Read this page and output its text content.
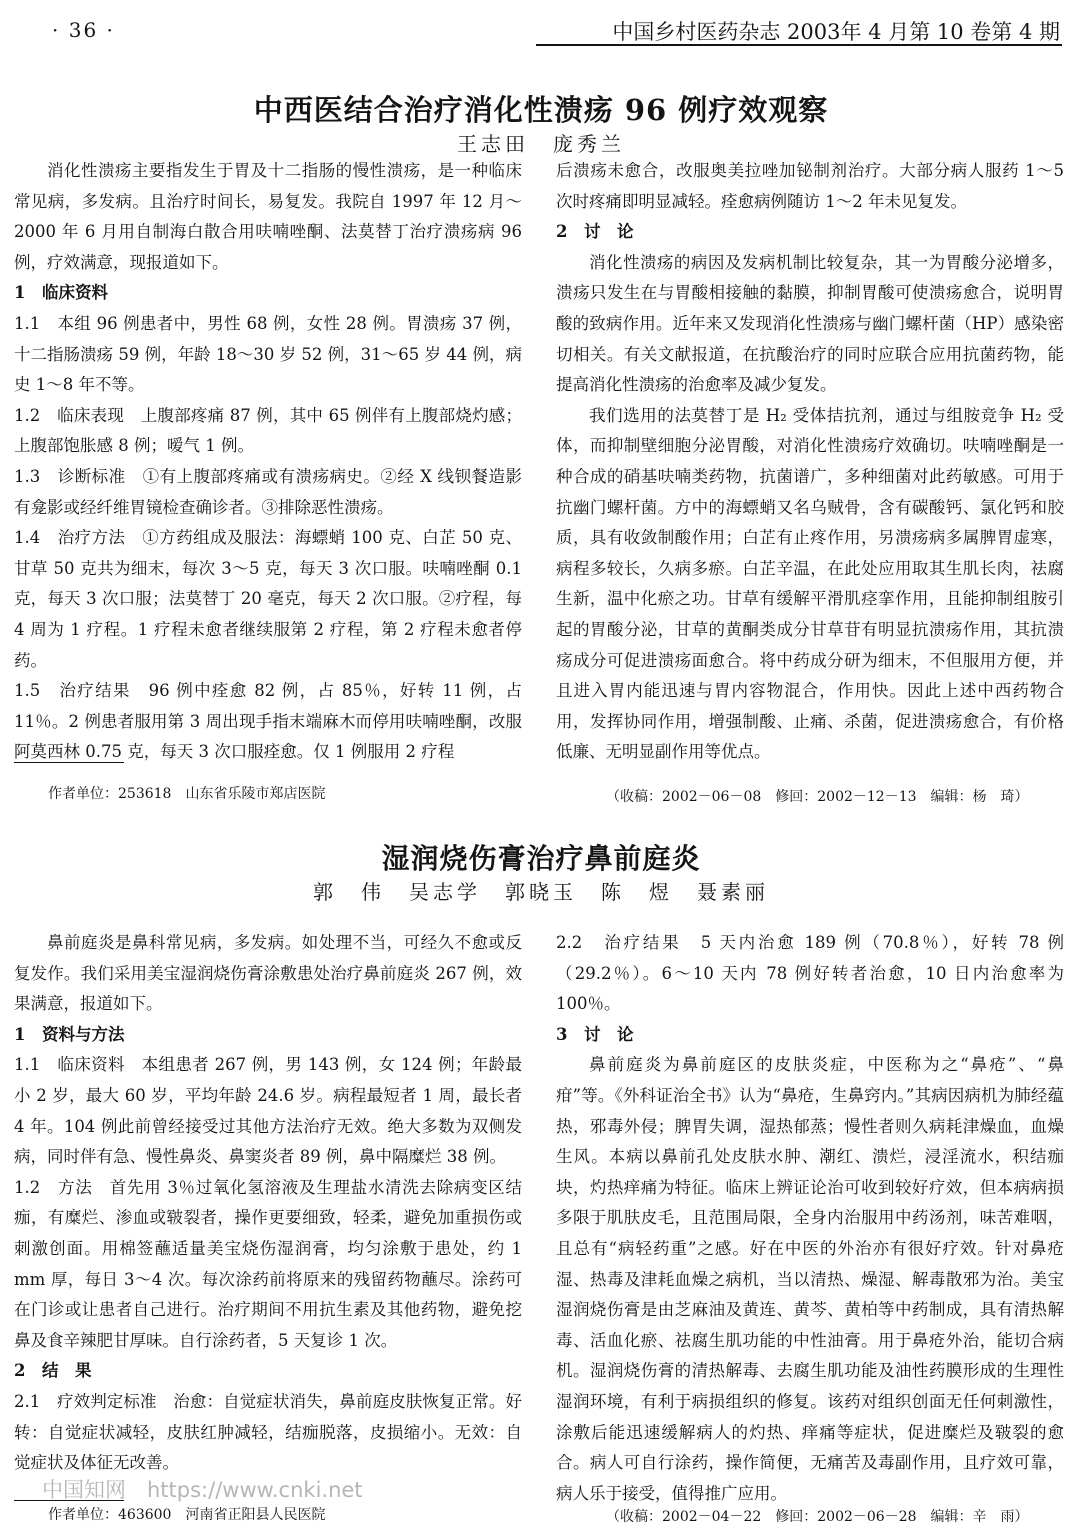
· 36 ·	中国乡村医药杂志 2003年 4 月第 10 卷第 4 期
中西医结合治疗消化性溃疡 96 例疗效观察
王志田　庞秀兰

消化性溃疡主要指发生于胃及十二指肠的慢性溃疡，是一种临床常见病，多发病。且治疗时间长，易复发。我院自 1997 年 12 月～2000 年 6 月用自制海白散合用呋喃唑酮、法莫替丁治疗溃疡病 96 例，疗效满意，现报道如下。

1　临床资料

1.1　本组 96 例患者中，男性 68 例，女性 28 例。胃溃疡 37 例，十二指肠溃疡 59 例，年龄 18～30 岁 52 例，31～65 岁 44 例，病史 1～8 年不等。

1.2　临床表现　上腹部疼痛 87 例，其中 65 例伴有上腹部烧灼感；上腹部饱胀感 8 例；嗳气 1 例。

1.3　诊断标准　①有上腹部疼痛或有溃疡病史。②经 X 线钡餐造影有龛影或经纤维胃镜检查确诊者。③排除恶性溃疡。

1.4　治疗方法　①方药组成及服法：海螵蛸 100 克、白芷 50 克、甘草 50 克共为细末，每次 3～5 克，每天 3 次口服。呋喃唑酮 0.1 克，每天 3 次口服；法莫替丁 20 毫克，每天 2 次口服。②疗程，每 4 周为 1 疗程。1 疗程未愈者继续服第 2 疗程，第 2 疗程未愈者停药。

1.5　治疗结果　96 例中痊愈 82 例，占 85％，好转 11 例，占 11％。2 例患者服用第 3 周出现手指末端麻木而停用呋喃唑酮，改服阿莫西林 0.75 克，每天 3 次口服痊愈。仅 1 例服用 2 疗程

后溃疡未愈合，改服奥美拉唑加铋制剂治疗。大部分病人服药 1～5 次时疼痛即明显减轻。痊愈病例随访 1～2 年未见复发。

2　讨　论

消化性溃疡的病因及发病机制比较复杂，其一为胃酸分泌增多，溃疡只发生在与胃酸相接触的黏膜，抑制胃酸可使溃疡愈合，说明胃酸的致病作用。近年来又发现消化性溃疡与幽门螺杆菌（HP）感染密切相关。有关文献报道，在抗酸治疗的同时应联合应用抗菌药物，能提高消化性溃疡的治愈率及减少复发。

我们选用的法莫替丁是 H₂ 受体拮抗剂，通过与组胺竞争 H₂ 受体，而抑制壁细胞分泌胃酸，对消化性溃疡疗效确切。呋喃唑酮是一种合成的硝基呋喃类药物，抗菌谱广，多种细菌对此药敏感。可用于抗幽门螺杆菌。方中的海螵蛸又名乌贼骨，含有碳酸钙、氯化钙和胶质，具有收敛制酸作用；白芷有止疼作用，另溃疡病多属脾胃虚寒，病程多较长，久病多瘀。白芷辛温，在此处应用取其生肌长肉，祛腐生新，温中化瘀之功。甘草有缓解平滑肌痉挛作用，且能抑制组胺引起的胃酸分泌，甘草的黄酮类成分甘草苷有明显抗溃疡作用，其抗溃疡成分可促进溃疡面愈合。将中药成分研为细末，不但服用方便，并且进入胃内能迅速与胃内容物混合，作用快。因此上述中西药物合用，发挥协同作用，增强制酸、止痛、杀菌，促进溃疡愈合，有价格低廉、无明显副作用等优点。

作者单位：253618　山东省乐陵市郑店医院	（收稿：2002－06－08　修回：2002－12－13　编辑：杨　琦）
湿润烧伤膏治疗鼻前庭炎
郭　伟　吴志学　郭晓玉　陈　煜　聂素丽

鼻前庭炎是鼻科常见病，多发病。如处理不当，可经久不愈或反复发作。我们采用美宝湿润烧伤膏涂敷患处治疗鼻前庭炎 267 例，效果满意，报道如下。

1　资料与方法

1.1　临床资料　本组患者 267 例，男 143 例，女 124 例；年龄最小 2 岁，最大 60 岁，平均年龄 24.6 岁。病程最短者 1 周，最长者 4 年。104 例此前曾经接受过其他方法治疗无效。绝大多数为双侧发病，同时伴有急、慢性鼻炎、鼻窦炎者 89 例，鼻中隔糜烂 38 例。

1.2　方法　首先用 3％过氧化氢溶液及生理盐水清洗去除病变区结痂，有糜烂、渗血或皲裂者，操作更要细致，轻柔，避免加重损伤或刺激创面。用棉签蘸适量美宝烧伤湿润膏，均匀涂敷于患处，约 1 mm 厚，每日 3～4 次。每次涂药前将原来的残留药物蘸尽。涂药可在门诊或让患者自己进行。治疗期间不用抗生素及其他药物，避免挖鼻及食辛辣肥甘厚味。自行涂药者，5 天复诊 1 次。

2　结　果

2.1　疗效判定标准　治愈：自觉症状消失，鼻前庭皮肤恢复正常。好转：自觉症状减轻，皮肤红肿减轻，结痂脱落，皮损缩小。无效：自觉症状及体征无改善。

2.2　治疗结果　5 天内治愈 189 例（70.8％），好转 78 例（29.2％）。6～10 天内 78 例好转者治愈，10 日内治愈率为 100％。

3　讨　论

鼻前庭炎为鼻前庭区的皮肤炎症，中医称为之“鼻疮”、“鼻疳”等。《外科证治全书》认为“鼻疮，生鼻窍内。”其病因病机为肺经蕴热，邪毒外侵；脾胃失调，湿热郁蒸；慢性者则久病耗津燥血，血燥生风。本病以鼻前孔处皮肤水肿、潮红、溃烂，浸淫流水，积结痂块，灼热痒痛为特征。临床上辨证论治可收到较好疗效，但本病病损多限于肌肤皮毛，且范围局限，全身内治服用中药汤剂，味苦难咽，且总有“病轻药重”之感。好在中医的外治亦有很好疗效。针对鼻疮湿、热毒及津耗血燥之病机，当以清热、燥湿、解毒散邪为治。美宝湿润烧伤膏是由芝麻油及黄连、黄芩、黄柏等中药制成，具有清热解毒、活血化瘀、祛腐生肌功能的中性油膏。用于鼻疮外治，能切合病机。湿润烧伤膏的清热解毒、去腐生肌功能及油性药膜形成的生理性湿润环境，有利于病损组织的修复。该药对组织创面无任何刺激性，涂敷后能迅速缓解病人的灼热、痒痛等症状，促进糜烂及皲裂的愈合。病人可自行涂药，操作简便，无痛苦及毒副作用，且疗效可靠，病人乐于接受，值得推广应用。

作者单位：463600　河南省正阳县人民医院	（收稿：2002－04－22　修回：2002－06－28　编辑：辛　雨）
中国知网　https://www.cnki.net
